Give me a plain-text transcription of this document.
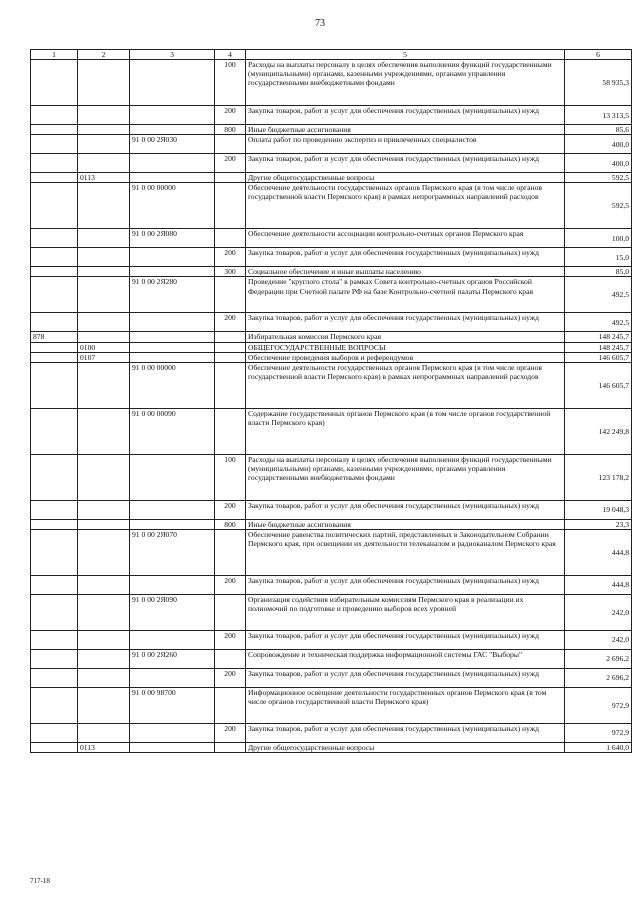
73
1	2	3	4	5	6
			100	Расходы на выплаты персоналу в целях обеспечения выполнения функций государственными (муниципальными) органами, казенными учреждениями, органами управления государственными внебюджетными фондами	58 935,3
			200	Закупка товаров, работ и услуг для обеспечения государственных (муниципальных) нужд	13 313,5
			800	Иные бюджетные ассигнования	85,6
		91 0 00 2Я030		Оплата работ по проведению экспертиз и привлеченных специалистов	400,0
			200	Закупка товаров, работ и услуг для обеспечения государственных (муниципальных) нужд	400,0
	0113			Другие общегосударственные вопросы	592,5
		91 0 00 00000		Обеспечение деятельности государственных органов Пермского края (в том числе органов государственной власти Пермского края) в рамках непрограммных направлений расходов	592,5
		91 0 00 2Я080		Обеспечение деятельности ассоциации контрольно-счетных органов Пермского края	100,0
			200	Закупка товаров, работ и услуг для обеспечения государственных (муниципальных) нужд	15,0
			300	Социальное обеспечение и иные выплаты населению	85,0
		91 0 00 2Я280		Проведение "круглого стола" в рамках Совета контрольно-счетных органов Российской Федерации при Счетной палате РФ на базе Контрольно-счетной палаты Пермского края	492,5
			200	Закупка товаров, работ и услуг для обеспечения государственных (муниципальных) нужд	492,5
878				Избирательная комиссия Пермского края	148 245,7
	0100			ОБЩЕГОСУДАРСТВЕННЫЕ ВОПРОСЫ	148 245,7
	0107			Обеспечение проведения выборов и референдумов	146 605,7
		91 0 00 00000		Обеспечение деятельности государственных органов Пермского края (в том числе органов государственной власти Пермского края) в рамках непрограммных направлений расходов	146 605,7
		91 0 00 00090		Содержание государственных органов Пермского края (в том числе органов государственной власти Пермского края)	142 249,8
			100	Расходы на выплаты персоналу в целях обеспечения выполнения функций государственными (муниципальными) органами, казенными учреждениями, органами управления государственными внебюджетными фондами	123 178,2
			200	Закупка товаров, работ и услуг для обеспечения государственных (муниципальных) нужд	19 048,3
			800	Иные бюджетные ассигнования	23,3
		91 0 00 2Я070		Обеспечение равенства политических партий, представленных в Законодательном Собрании Пермского края, при освещении их деятельности телеканалом и радиоканалом Пермского края	444,8
			200	Закупка товаров, работ и услуг для обеспечения государственных (муниципальных) нужд	444,8
		91 0 00 2Я090		Организация содействия избирательным комиссиям Пермского края в реализации их полномочий по подготовке и проведению выборов всех уровней	242,0
			200	Закупка товаров, работ и услуг для обеспечения государственных (муниципальных) нужд	242,0
		91 0 00 2Я260		Сопровождение и техническая поддержка информационной системы ГАС "Выборы"	2 696,2
			200	Закупка товаров, работ и услуг для обеспечения государственных (муниципальных) нужд	2 696,2
		91 0 00 98700		Информационное освещение деятельности государственных органов Пермского края (в том числе органов государственной власти Пермского края)	972,9
			200	Закупка товаров, работ и услуг для обеспечения государственных (муниципальных) нужд	972,9
	0113			Другие общегосударственные вопросы	1 640,0
717-18
